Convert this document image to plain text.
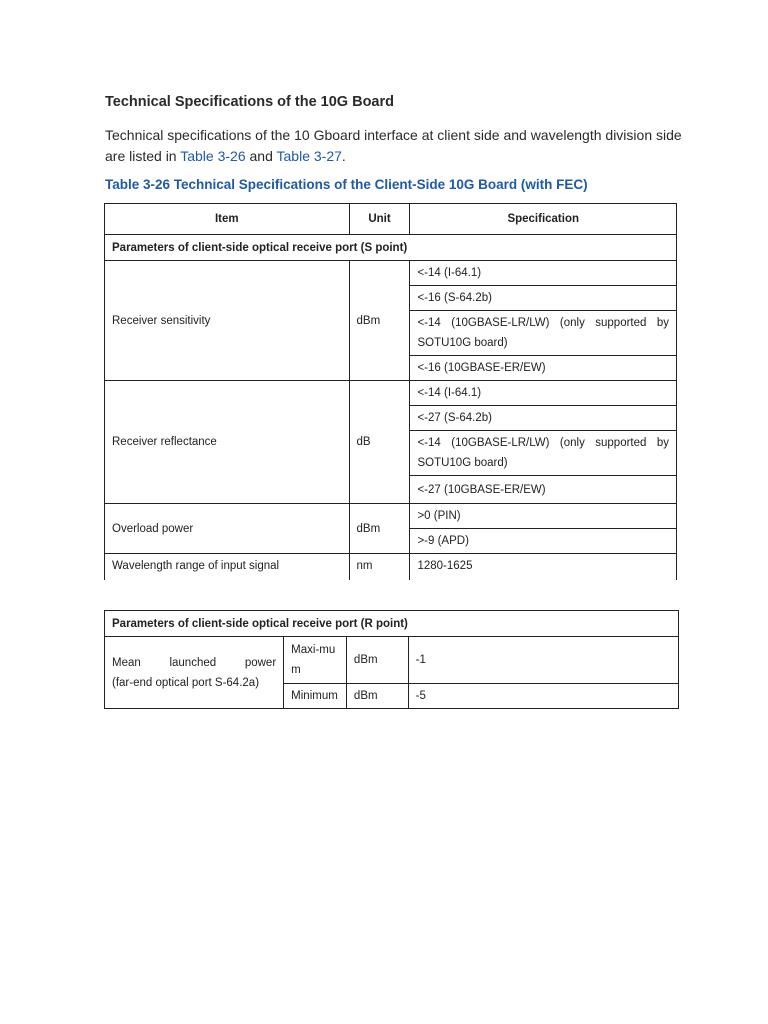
Technical Specifications of the 10G Board

Technical specifications of the 10 Gboard interface at client side and wavelength division side are listed in Table 3-26 and Table 3-27.

Table 3-26 Technical Specifications of the Client-Side 10G Board (with FEC)
Item	Unit	Specification
Parameters of client-side optical receive port (S point)		
Receiver sensitivity	dBm	<-14 (I-64.1)
		<-16 (S-64.2b)
		<-14 (10GBASE-LR/LW) (only supported by SOTU10G board)
		<-16 (10GBASE-ER/EW)
Receiver reflectance	dB	<-14 (I-64.1)
		<-27 (S-64.2b)
		<-14 (10GBASE-LR/LW) (only supported by SOTU10G board)
		<-27 (10GBASE-ER/EW)
Overload power	dBm	>0 (PIN)
		>-9 (APD)
Wavelength range of input signal	nm	1280-1625
Parameters of client-side optical receive port (R point)			
Mean launched power
(far-end optical port S-64.2a)	Maxi-mum	dBm	-1
	Minimum	dBm	-5
